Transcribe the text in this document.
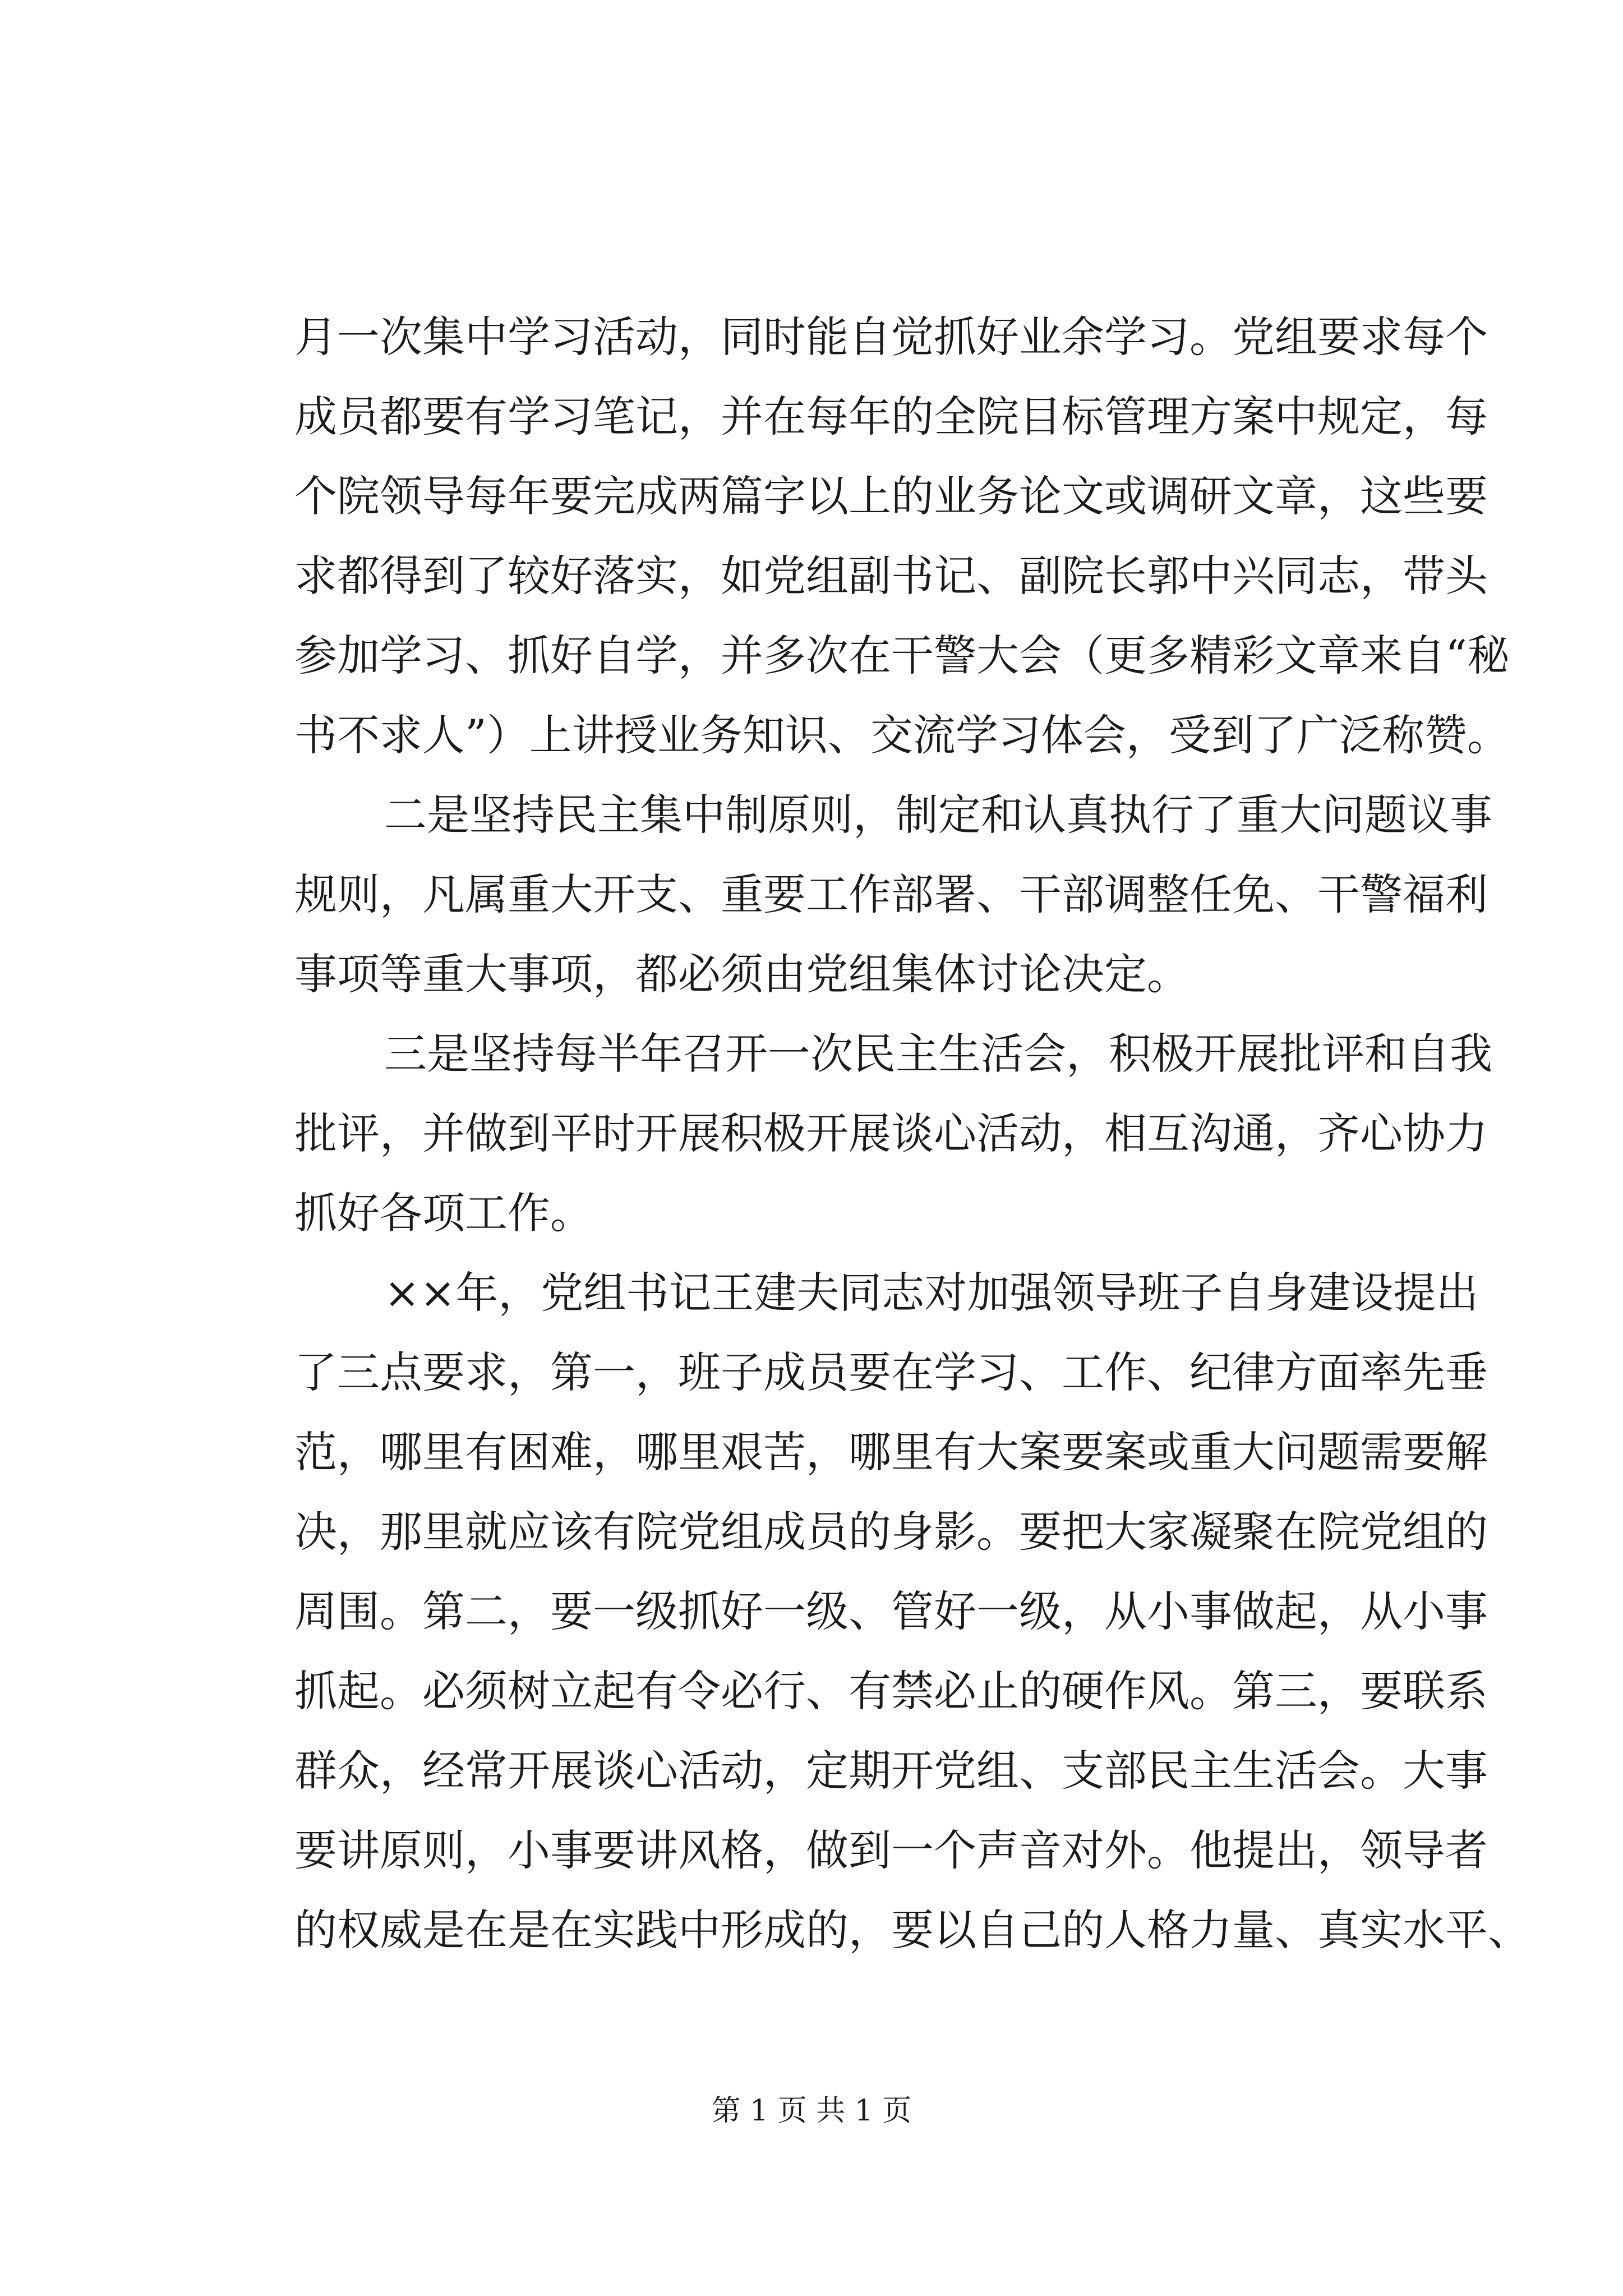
月一次集中学习活动，同时能自觉抓好业余学习。党组要求每个
成员都要有学习笔记，并在每年的全院目标管理方案中规定，每
个院领导每年要完成两篇字以上的业务论文或调研文章，这些要
求都得到了较好落实，如党组副书记、副院长郭中兴同志，带头
参加学习、抓好自学，并多次在干警大会（更多精彩文章来自“秘
书不求人”）上讲授业务知识、交流学习体会，受到了广泛称赞。
二是坚持民主集中制原则，制定和认真执行了重大问题议事
规则，凡属重大开支、重要工作部署、干部调整任免、干警福利
事项等重大事项，都必须由党组集体讨论决定。
三是坚持每半年召开一次民主生活会，积极开展批评和自我
批评，并做到平时开展积极开展谈心活动，相互沟通，齐心协力
抓好各项工作。
××年，党组书记王建夫同志对加强领导班子自身建设提出
了三点要求，第一，班子成员要在学习、工作、纪律方面率先垂
范，哪里有困难，哪里艰苦，哪里有大案要案或重大问题需要解
决，那里就应该有院党组成员的身影。要把大家凝聚在院党组的
周围。第二，要一级抓好一级、管好一级，从小事做起，从小事
抓起。必须树立起有令必行、有禁必止的硬作风。第三，要联系
群众，经常开展谈心活动，定期开党组、支部民主生活会。大事
要讲原则，小事要讲风格，做到一个声音对外。他提出，领导者
的权威是在是在实践中形成的，要以自己的人格力量、真实水平、
第 1 页 共 1 页
